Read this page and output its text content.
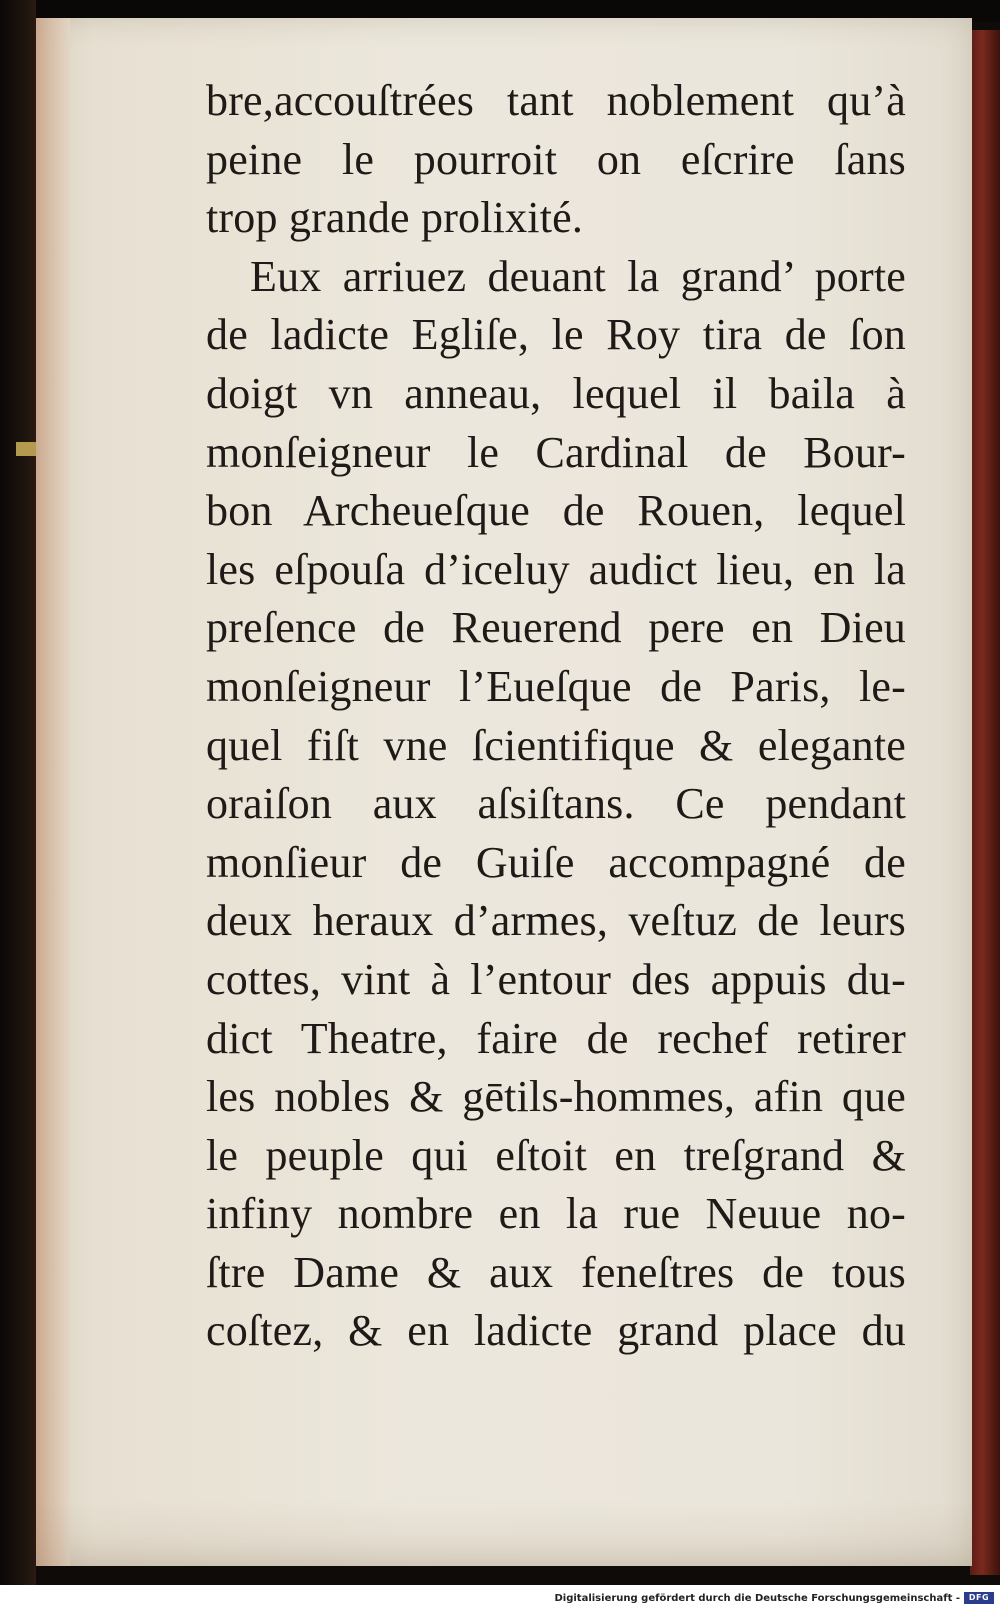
bre,accouſtrées tant noblement qu’à
peine le pourroit on eſcrire ſans
trop grande prolixité.
Eux arriuez deuant la grand’ porte
de ladicte Egliſe, le Roy tira de ſon
doigt vn anneau, lequel il baila à
monſeigneur le Cardinal de Bour-
bon Archeueſque de Rouen, lequel
les eſpouſa d’iceluy audict lieu, en la
preſence de Reuerend pere en Dieu
monſeigneur l’Eueſque de Paris, le-
quel fiſt vne ſcientifique & elegante
oraiſon aux aſsiſtans. Ce pendant
monſieur de Guiſe accompagné de
deux heraux d’armes, veſtuz de leurs
cottes, vint à l’entour des appuis du-
dict Theatre, faire de rechef retirer
les nobles & gētils-hommes, afin que
le peuple qui eſtoit en treſgrand &
infiny nombre en la rue Neuue no-
ſtre Dame & aux feneſtres de tous
coſtez, & en ladicte grand place du
Digitalisierung gefördert durch die Deutsche Forschungsgemeinschaft -	DFG
